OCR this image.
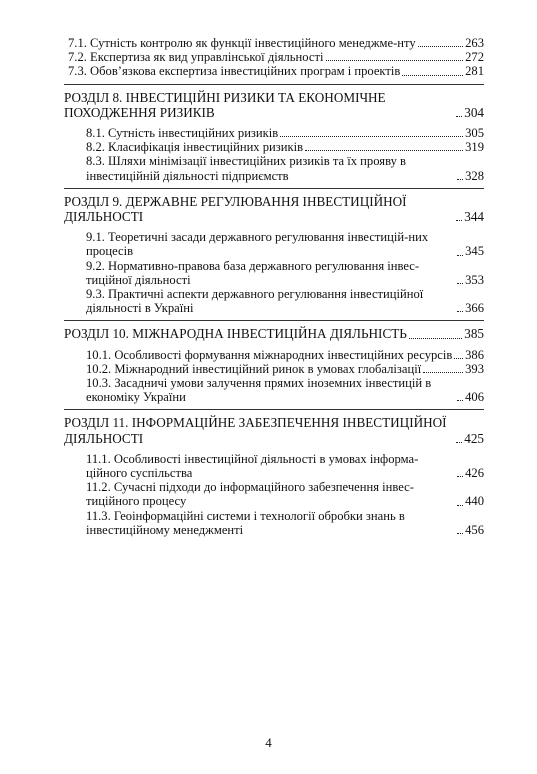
7.1. Сутність контролю як функції інвестиційного менеджме-нту	263
7.2. Експертиза як вид управлінської діяльності	272
7.3. Обов’язкова експертиза інвестиційних програм і проектів	281
РОЗДІЛ 8. ІНВЕСТИЦІЙНІ РИЗИКИ ТА ЕКОНОМІЧНЕ ПОХОДЖЕННЯ РИЗИКІВ	304
8.1. Сутність інвестиційних ризиків	305
8.2. Класифікація інвестиційних ризиків	319
8.3. Шляхи мінімізації інвестиційних ризиків та їх прояву в інвестиційній діяльності підприємств	328
РОЗДІЛ 9. ДЕРЖАВНЕ РЕГУЛЮВАННЯ ІНВЕСТИЦІЙНОЇ ДІЯЛЬНОСТІ	344
9.1. Теоретичні засади державного регулювання інвестицій-них процесів	345
9.2. Нормативно-правова база державного регулювання інвес-тиційної діяльності	353
9.3. Практичні аспекти державного регулювання інвестиційної діяльності в Україні	366
РОЗДІЛ 10. МІЖНАРОДНА ІНВЕСТИЦІЙНА ДІЯЛЬНІСТЬ	385
10.1. Особливості формування міжнародних інвестиційних ресурсів 386
10.2. Міжнародний інвестиційний ринок в умовах глобалізації	393
10.3. Засадничі умови залучення прямих іноземних інвестицій в економіку України	406
РОЗДІЛ 11. ІНФОРМАЦІЙНЕ ЗАБЕЗПЕЧЕННЯ ІНВЕСТИЦІЙНОЇ ДІЯЛЬНОСТІ	425
11.1. Особливості інвестиційної діяльності в умовах інформа-ційного суспільства	426
11.2. Сучасні підходи до інформаційного забезпечення інвес-тиційного процесу	440
11.3. Геоінформаційні системи і технології обробки знань в інвестиційному менеджменті	456
4
